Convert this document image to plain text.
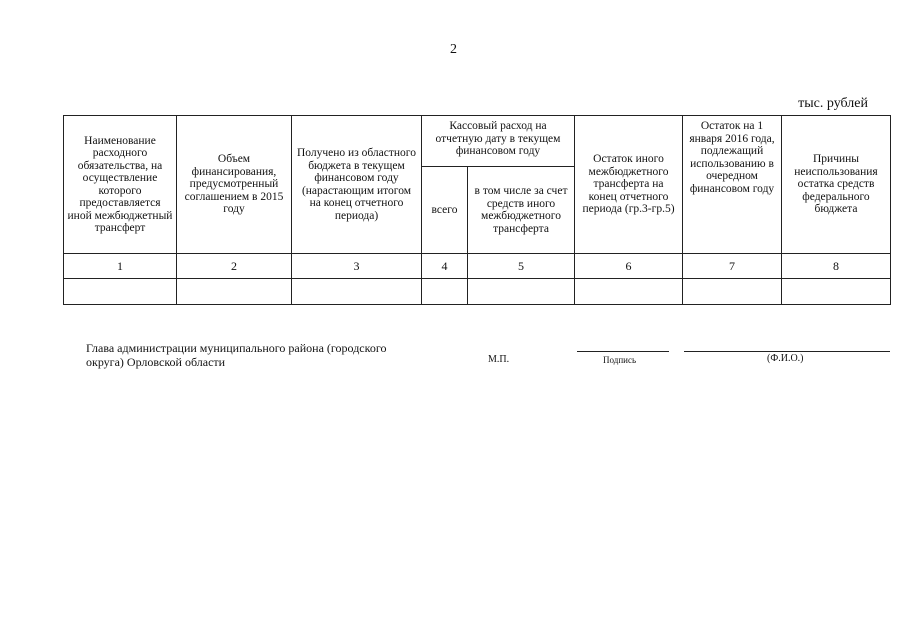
2
тыс. рублей
Наименование расходного обязательства, на осуществление которого предоставляется иной межбюджетный трансферт	Объем финансирования, предусмотренный соглашением в 2015 году	Получено из областного бюджета в текущем финансовом году (нарастающим итогом на конец отчетного периода)	Кассовый расход на отчетную дату в текущем финансовом году		Остаток иного межбюджетного трансферта на конец отчетного периода (гр.3-гр.5)	Остаток на 1 января 2016 года, подлежащий использованию в очередном финансовом году	Причины неиспользования остатка средств федерального бюджета
			всего	в том числе за счет средств иного межбюджетного трансферта			
1	2	3	4	5	6	7	8

Глава администрации муниципального района (городского округа) Орловской области	М.П.	Подпись	(Ф.И.О.)
